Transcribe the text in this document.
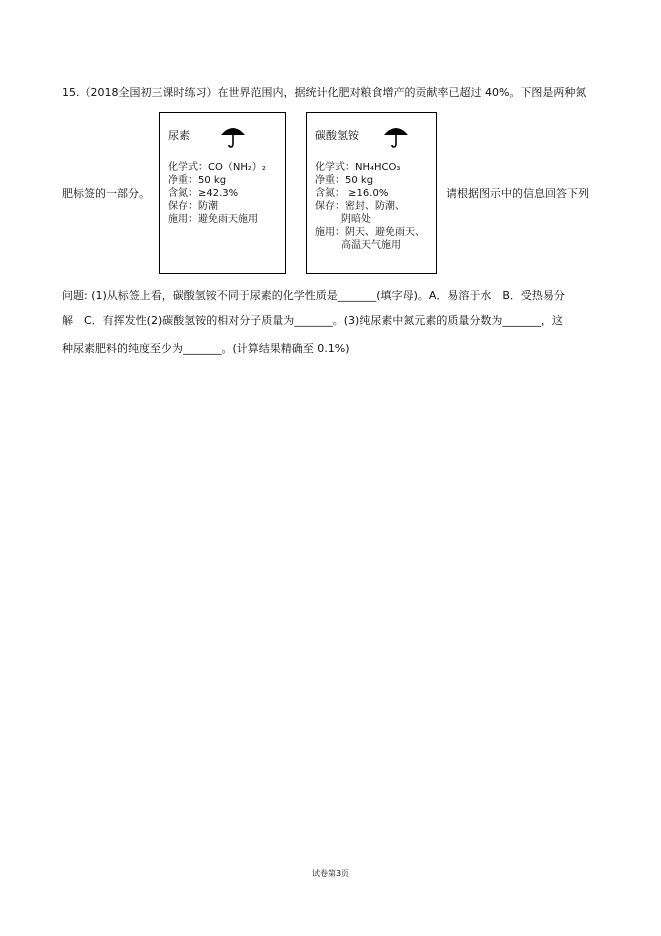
15.（2018全国初三课时练习）在世界范围内，据统计化肥对粮食增产的贡献率已超过 40%。下图是两种氮
肥标签的一部分。	请根据图示中的信息回答下列
尿素
化学式：CO（NH₂）₂
净重：50 kg
含氮：≥42.3%
保存：防潮
施用：避免雨天施用
碳酸氢铵
化学式：NH₄HCO₃
净重：50 kg
含氮： ≥16.0%
保存：密封、防潮、
阴暗处
施用：阴天、避免雨天、
高温天气施用
问题: (1)从标签上看，碳酸氢铵不同于尿素的化学性质是_______(填字母)。A．易溶于水　B．受热易分
解　C．有挥发性(2)碳酸氢铵的相对分子质量为_______。(3)纯尿素中氮元素的质量分数为_______，这
种尿素肥料的纯度至少为_______。(计算结果精确至 0.1%)
试卷第3页
